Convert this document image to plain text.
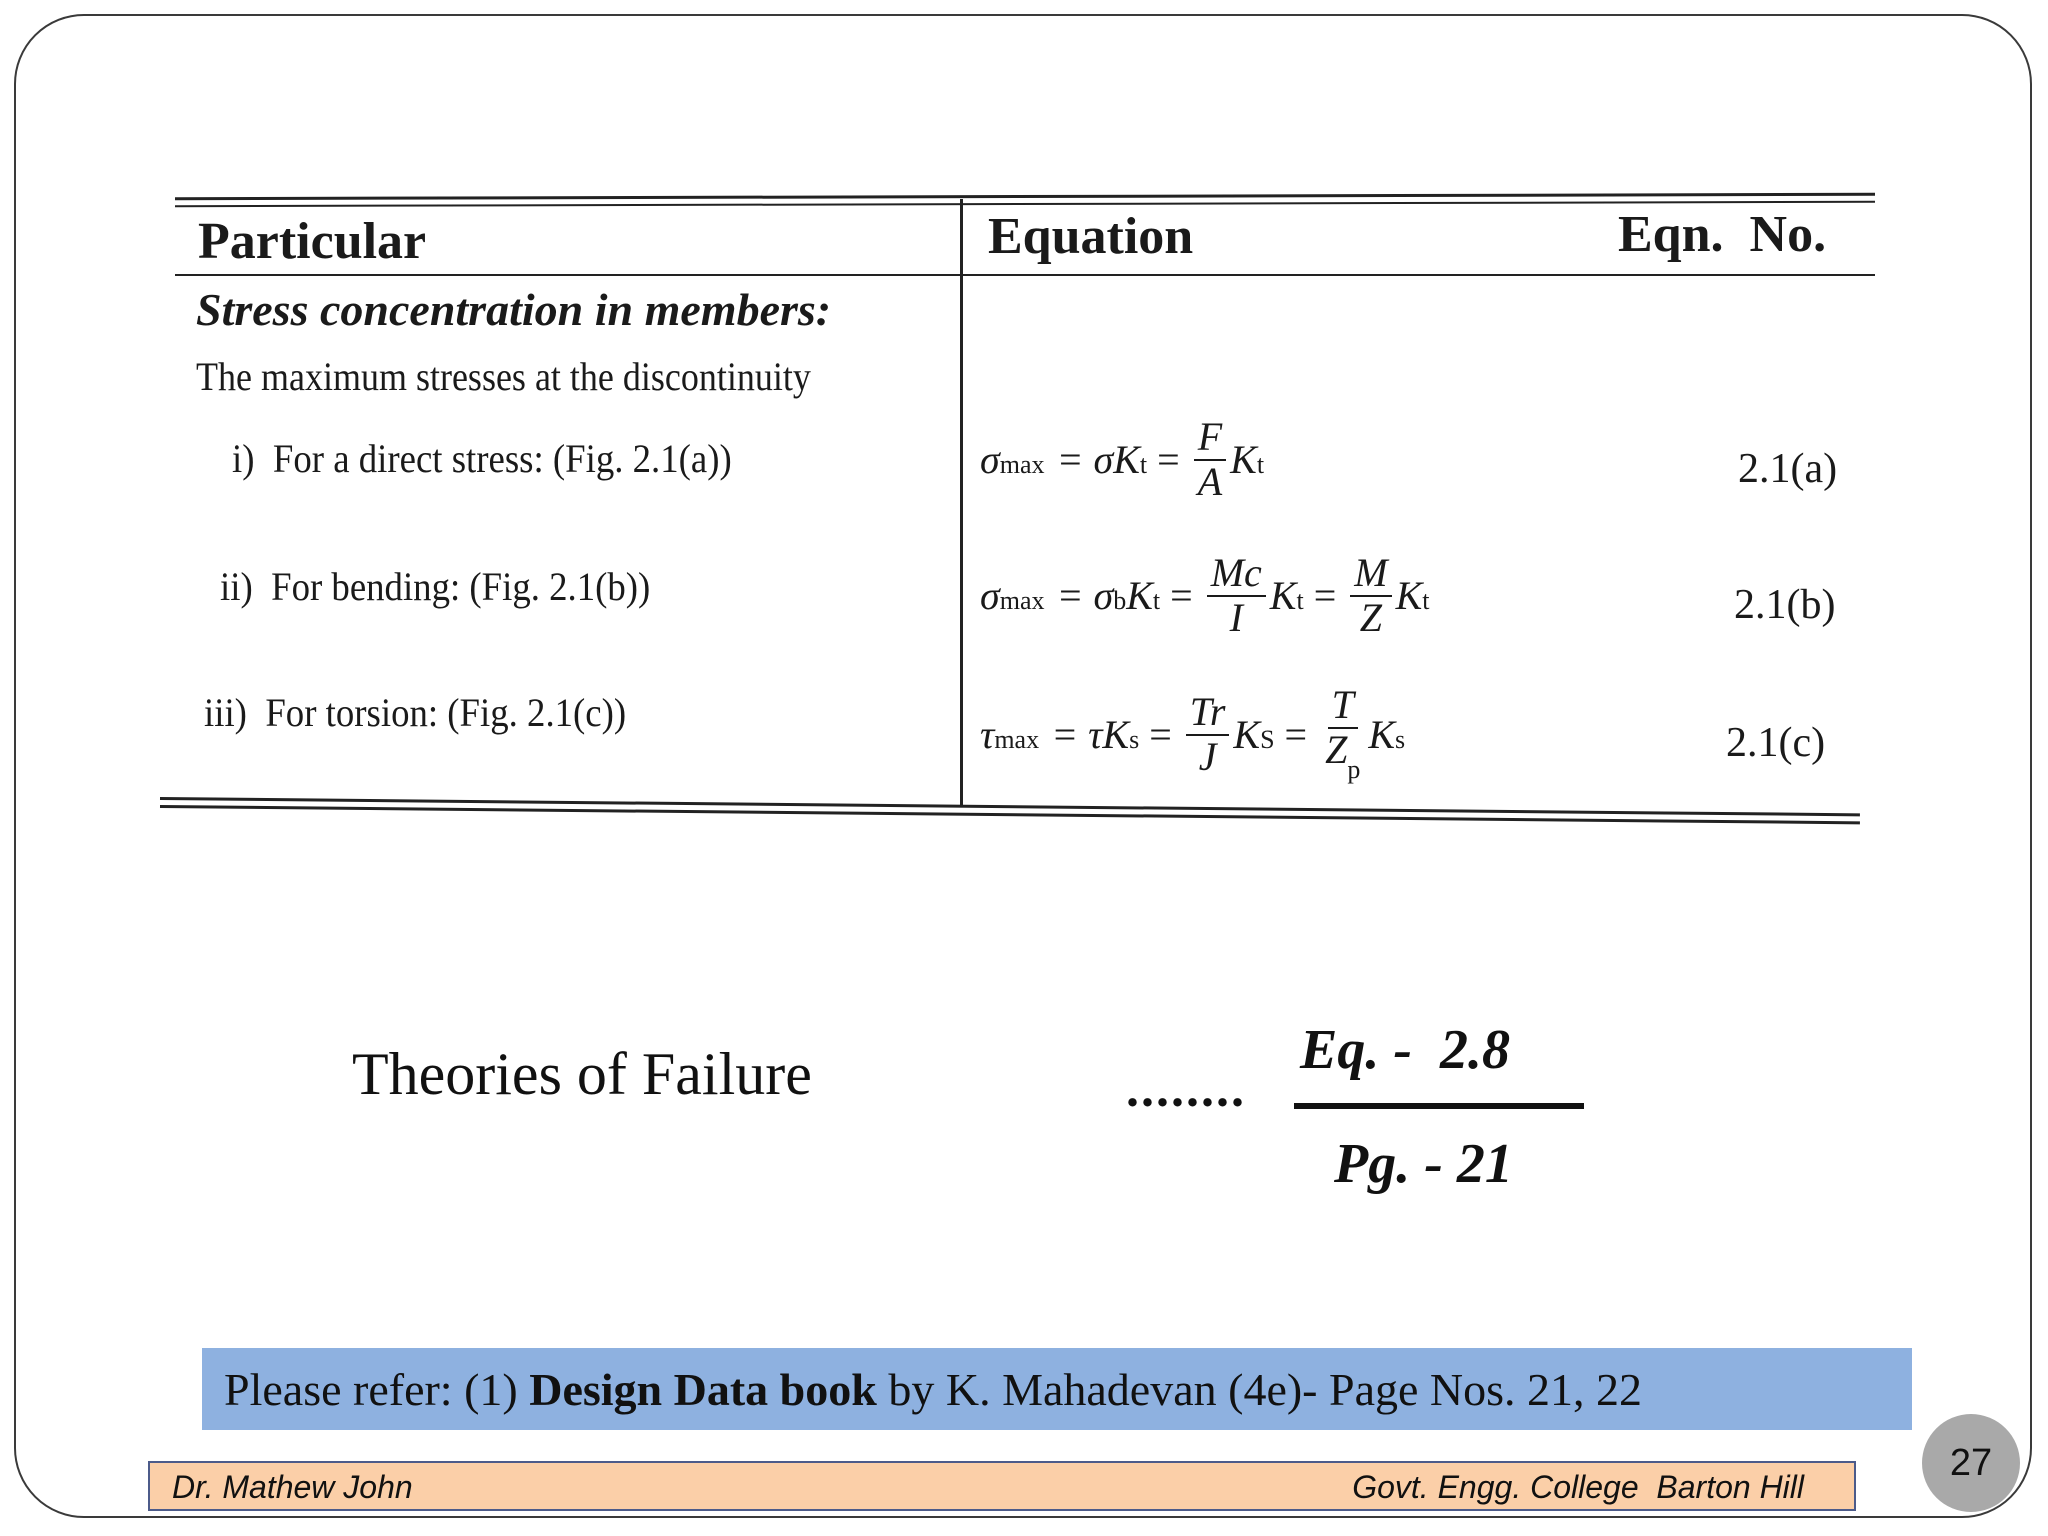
Particular	Equation	Eqn.  No.
Stress concentration in members:
The maximum stresses at the discontinuity
i)  For a direct stress: (Fig. 2.1(a))	$\sigma_{max} = \sigma K_t = \frac{F}{A} K_t$	2.1(a)
ii)  For bending: (Fig. 2.1(b))	$\sigma_{max} = \sigma_b$ $K_t = \frac{Mc}{I} K_t = \frac{M}{Z} K_t$	2.1(b)
iii)  For torsion: (Fig. 2.1(c))	$\tau_{max} = \tau K_s = \frac{Tr}{J} K_S = \frac{T}{Z_p} K_s$	2.1(c)
Theories of Failure	........
Eq. -  2.8
Pg. - 21
Please refer: (1) Design Data book by K. Mahadevan (4e)- Page Nos. 21, 22
Dr. Mathew John	Govt. Engg. College  Barton Hill
27
